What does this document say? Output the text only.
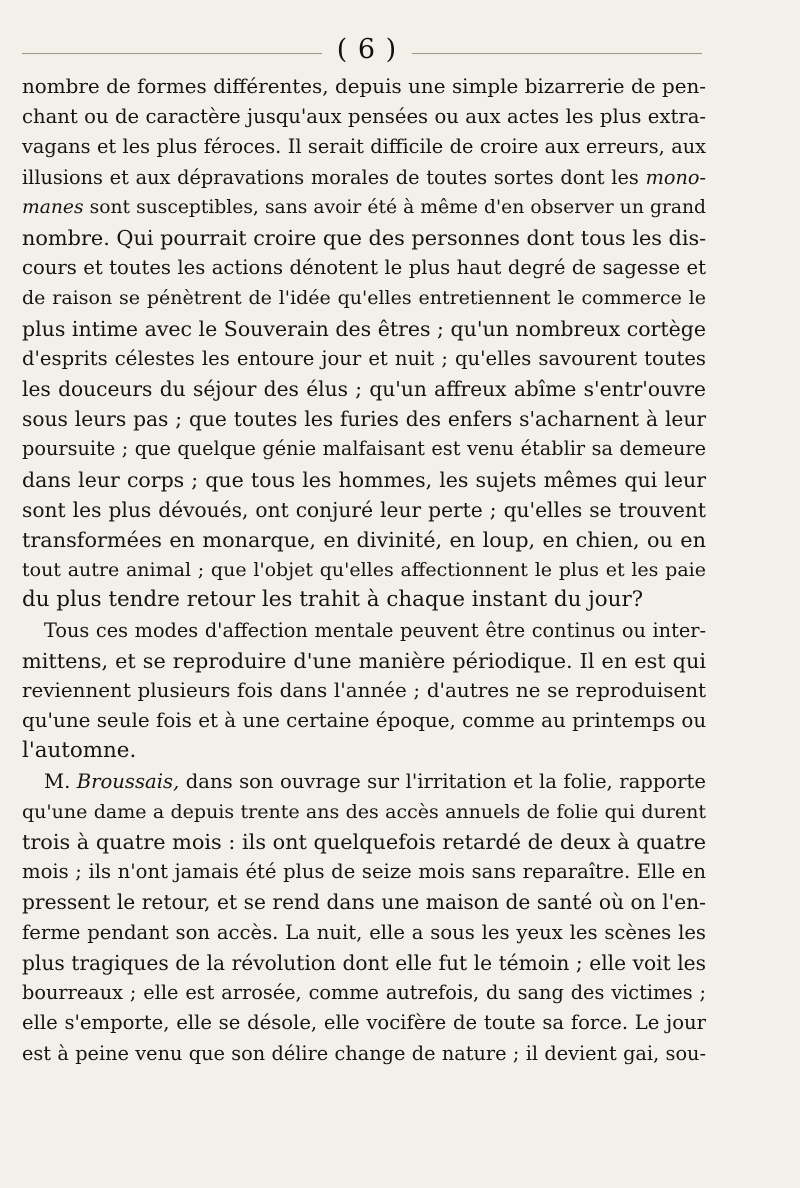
( 6 )

nombre de formes différentes, depuis une simple bizarrerie de pen-
chant ou de caractère jusqu'aux pensées ou aux actes les plus extra-
vagans et les plus féroces. Il serait difficile de croire aux erreurs, aux
illusions et aux dépravations morales de toutes sortes dont les mono-
manes sont susceptibles, sans avoir été à même d'en observer un grand
nombre. Qui pourrait croire que des personnes dont tous les dis-
cours et toutes les actions dénotent le plus haut degré de sagesse et
de raison se pénètrent de l'idée qu'elles entretiennent le commerce le
plus intime avec le Souverain des êtres ; qu'un nombreux cortège
d'esprits célestes les entoure jour et nuit ; qu'elles savourent toutes
les douceurs du séjour des élus ; qu'un affreux abîme s'entr'ouvre
sous leurs pas ; que toutes les furies des enfers s'acharnent à leur
poursuite ; que quelque génie malfaisant est venu établir sa demeure
dans leur corps ; que tous les hommes, les sujets mêmes qui leur
sont les plus dévoués, ont conjuré leur perte ; qu'elles se trouvent
transformées en monarque, en divinité, en loup, en chien, ou en
tout autre animal ; que l'objet qu'elles affectionnent le plus et les paie
du plus tendre retour les trahit à chaque instant du jour?

Tous ces modes d'affection mentale peuvent être continus ou inter-
mittens, et se reproduire d'une manière périodique. Il en est qui
reviennent plusieurs fois dans l'année ; d'autres ne se reproduisent
qu'une seule fois et à une certaine époque, comme au printemps ou
l'automne.

M. Broussais, dans son ouvrage sur l'irritation et la folie, rapporte
qu'une dame a depuis trente ans des accès annuels de folie qui durent
trois à quatre mois : ils ont quelquefois retardé de deux à quatre
mois ; ils n'ont jamais été plus de seize mois sans reparaître. Elle en
pressent le retour, et se rend dans une maison de santé où on l'en-
ferme pendant son accès. La nuit, elle a sous les yeux les scènes les
plus tragiques de la révolution dont elle fut le témoin ; elle voit les
bourreaux ; elle est arrosée, comme autrefois, du sang des victimes ;
elle s'emporte, elle se désole, elle vocifère de toute sa force. Le jour
est à peine venu que son délire change de nature ; il devient gai, sou-
